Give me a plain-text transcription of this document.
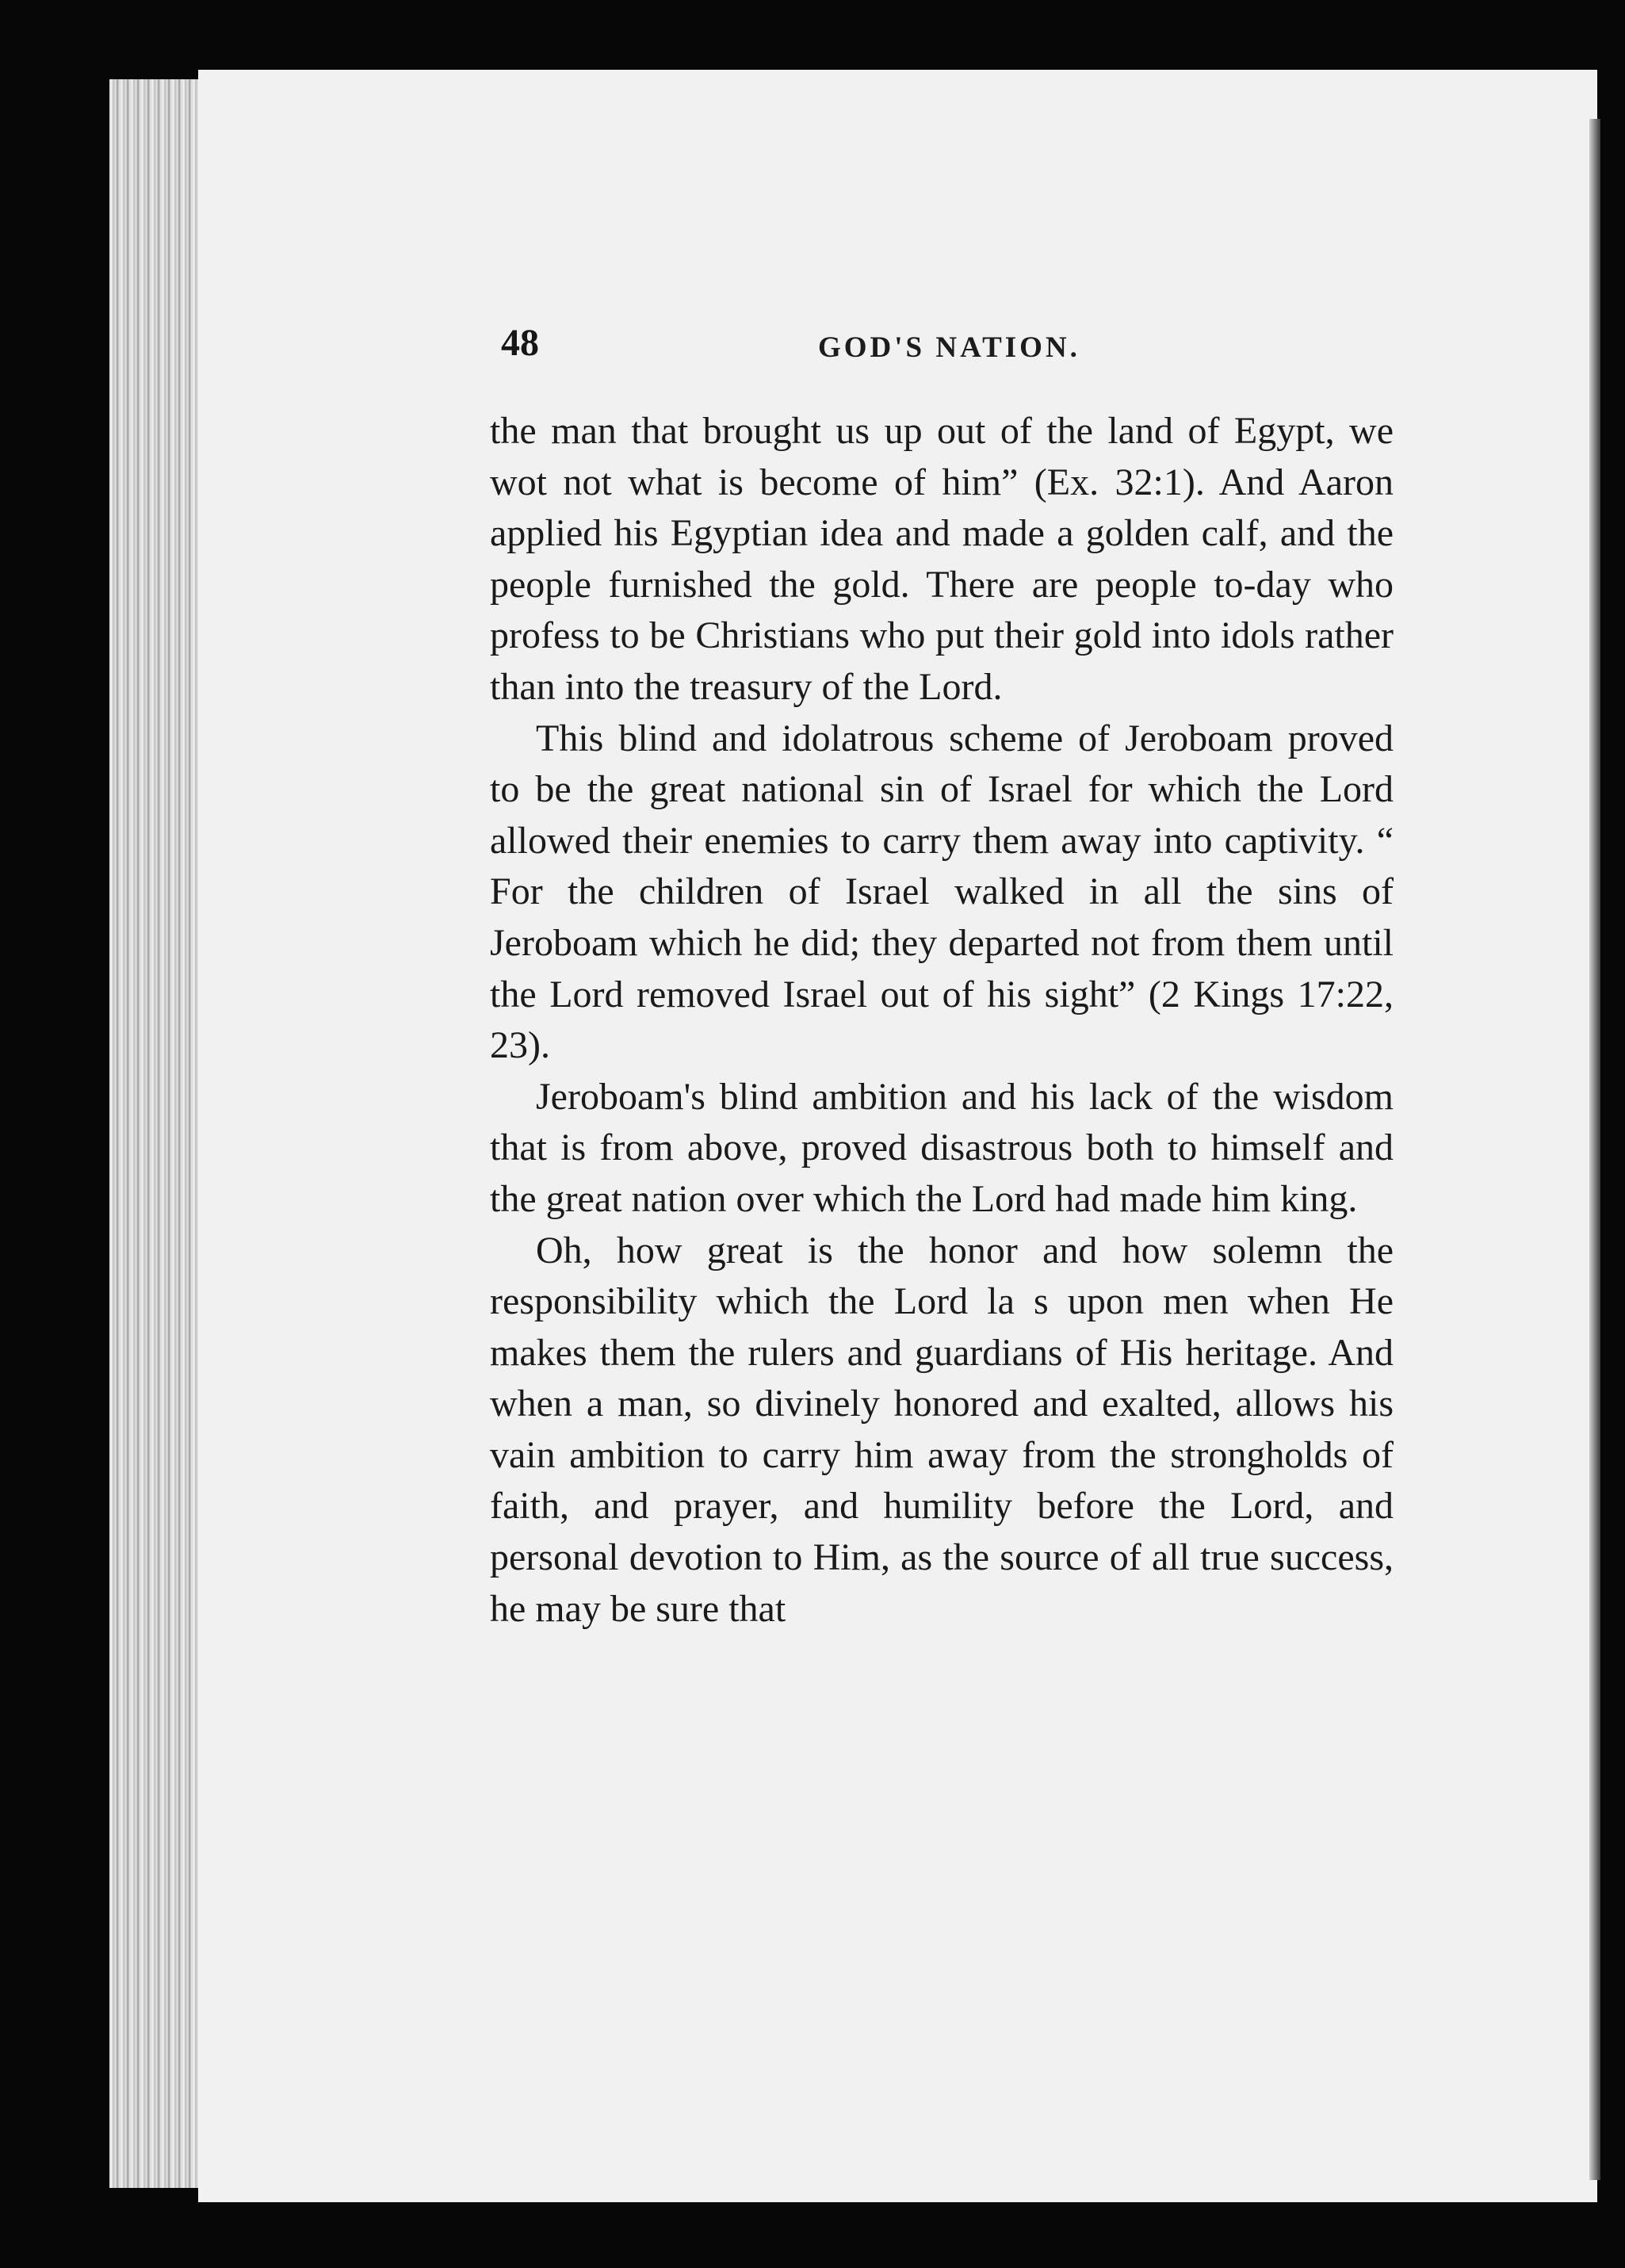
48	GOD'S NATION.

the man that brought us up out of the land of Egypt, we wot not what is become of him” (Ex. 32:1). And Aaron applied his Egyptian idea and made a golden calf, and the people furnished the gold. There are people to-day who profess to be Christians who put their gold into idols rather than into the treasury of the Lord.

This blind and idolatrous scheme of Jeroboam proved to be the great national sin of Israel for which the Lord allowed their enemies to carry them away into captivity. “ For the children of Israel walked in all the sins of Jeroboam which he did; they departed not from them until the Lord removed Israel out of his sight” (2 Kings 17:22, 23).

Jeroboam's blind ambition and his lack of the wisdom that is from above, proved disastrous both to himself and the great nation over which the Lord had made him king.

Oh, how great is the honor and how solemn the responsibility which the Lord la s upon men when He makes them the rulers and guardians of His heritage. And when a man, so divinely honored and exalted, allows his vain ambition to carry him away from the strongholds of faith, and prayer, and humility before the Lord, and personal devotion to Him, as the source of all true success, he may be sure that
